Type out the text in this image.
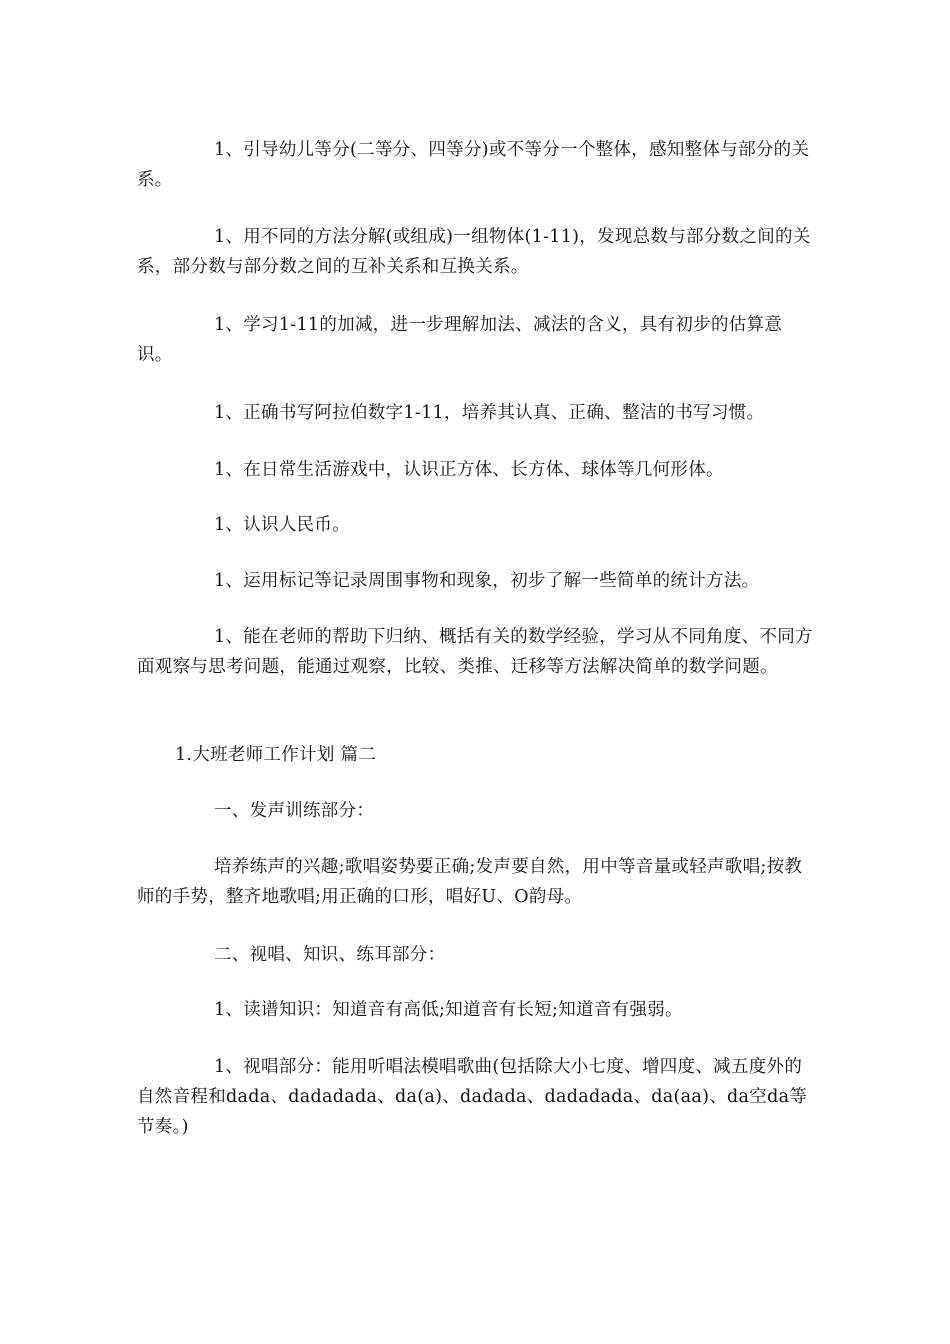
1、引导幼儿等分(二等分、四等分)或不等分一个整体，感知整体与部分的关系。

1、用不同的方法分解(或组成)一组物体(1-11)，发现总数与部分数之间的关系，部分数与部分数之间的互补关系和互换关系。

1、学习1-11的加减，进一步理解加法、减法的含义，具有初步的估算意识。

1、正确书写阿拉伯数字1-11，培养其认真、正确、整洁的书写习惯。

1、在日常生活游戏中，认识正方体、长方体、球体等几何形体。

1、认识人民币。

1、运用标记等记录周围事物和现象，初步了解一些简单的统计方法。

1、能在老师的帮助下归纳、概括有关的数学经验，学习从不同角度、不同方面观察与思考问题，能通过观察，比较、类推、迁移等方法解决简单的数学问题。

1.大班老师工作计划 篇二

一、发声训练部分：

培养练声的兴趣;歌唱姿势要正确;发声要自然，用中等音量或轻声歌唱;按教师的手势，整齐地歌唱;用正确的口形，唱好U、O韵母。

二、视唱、知识、练耳部分：

1、读谱知识：知道音有高低;知道音有长短;知道音有强弱。

1、视唱部分：能用听唱法模唱歌曲(包括除大小七度、增四度、减五度外的自然音程和dada、dadadada、da(a)、dadada、dadadada、da(aa)、da空da等节奏。)
